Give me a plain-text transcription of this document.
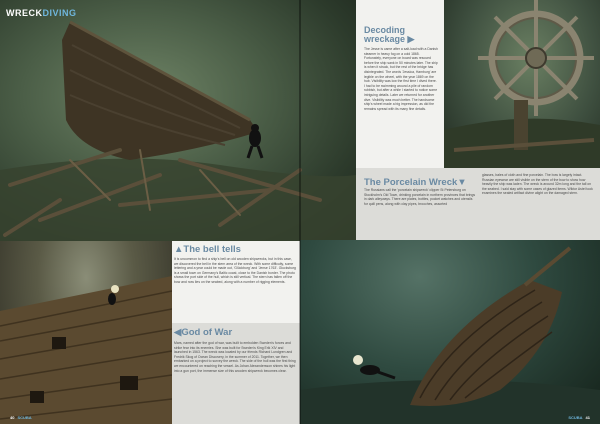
WRECKDIVING
Decoding
wreckage ▶
The Jesse is came after a salt-load with a Danish steamer in heavy fog on a cold 1865. Fortunately, everyone on board was rescued before the ship sank in 50 minutes later. The ship is when it struck, but the rest of the bridge has disintegrated. The words 'Jessica, Hamburg' are legible on the wheel, with the year 1869 on the hub. Visibility was low the first time I dived there. I had to be swimming around a pile of random rubbish, but after a while I started to notice some intriguing details. Later we returned for another dive. Visibility was much better. The handsome ship's wheel made a big impression, as did the remains spread with its many fine details.
The Porcelain Wreck▼
The Russians call the 'porcelain shipwreck' clipper St Petersburg on Stockholm's Old Town, drinking porcelain in northern provinces that brings in dark alleyways. There are plates, bottles, pocket watches and utensils for quill pens, along with clay pipes, brooches, assorted
glasses, bales of cloth and fine porcelain. The bow is largely intact. Russian eyewear are still visible on the stern of the bow to show how heavily the ship was laden. The wreck is around 32m long and the tall on the seabed. I said stay with some cases of glazed items. Wiktor Astel took examines the sealed artifact divine alight on the damaged stern.
▲The bell tells
It is uncommon to find a ship's bell on old wooden shipwrecks, but in this case, we discovered the bell in the stern area of the wreck. With some difficulty, some lettering and a year could be made out, 'Glückburg' and 'Jense 1763'. Glucksburg is a small town on Germany's Baltic coast, close to the Danish border. The photo shows the port side of the hull, which is still vertical. The stern has fallen off the bow and now lies on the seabed, along with a number of rigging elements.
◀God of War
Mars, named after the god of war, was built to embolden Sweden's forces and strike fear into its enemies. She was built for Sweden's King Erik XIV and launched in 1563. The wreck was located by our friends Richard Lundgren and Fredrik Skog of Ocean Discovery, in the summer of 2011. Together, we then embarked on a project to survey the wreck. The side of the hull was the first thing we encountered on reaching the vessel. As Johan Alexandersson shines his light into a gun port, the immense size of this wooden shipwreck becomes clear.
40 SCUBA	SCUBA 41
